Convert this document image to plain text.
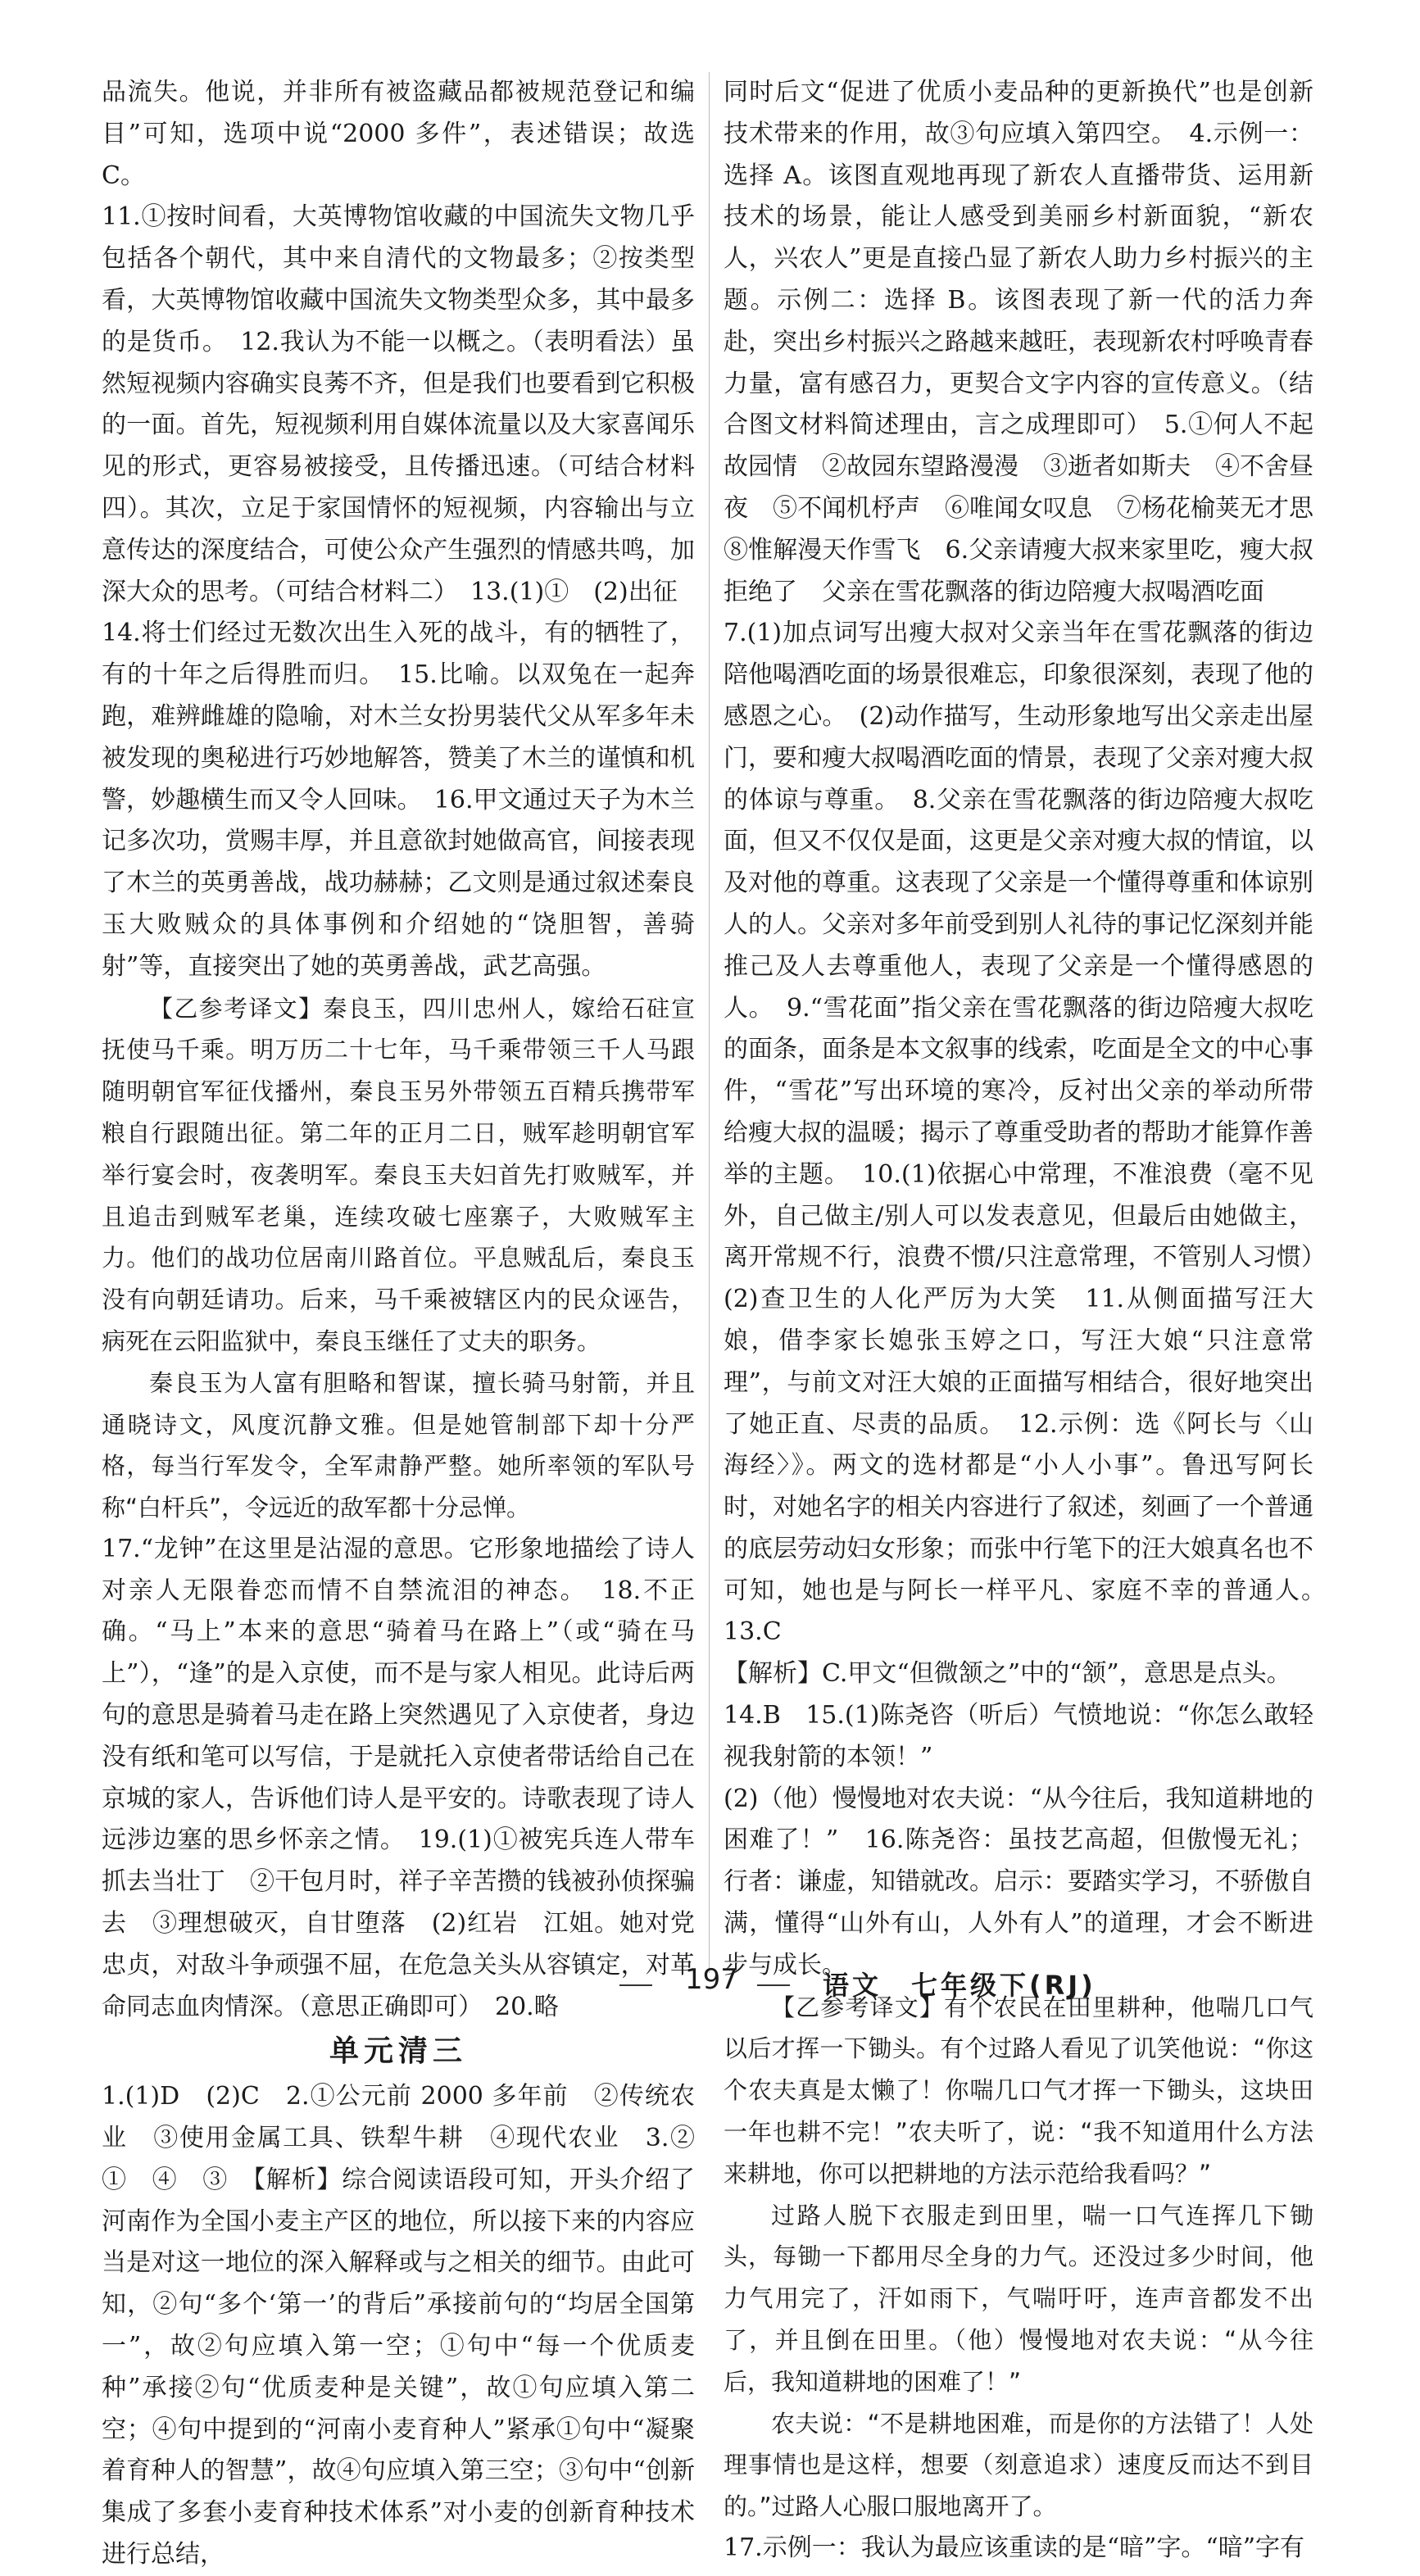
品流失。他说，并非所有被盗藏品都被规范登记和编目”可知，选项中说“2000 多件”，表述错误；故选 C。

11.①按时间看，大英博物馆收藏的中国流失文物几乎包括各个朝代，其中来自清代的文物最多；②按类型看，大英博物馆收藏中国流失文物类型众多，其中最多的是货币。　12.我认为不能一以概之。（表明看法）虽然短视频内容确实良莠不齐，但是我们也要看到它积极的一面。首先，短视频利用自媒体流量以及大家喜闻乐见的形式，更容易被接受，且传播迅速。（可结合材料四）。其次，立足于家国情怀的短视频，内容输出与立意传达的深度结合，可使公众产生强烈的情感共鸣，加深大众的思考。（可结合材料二）　13.(1)①　(2)出征

14.将士们经过无数次出生入死的战斗，有的牺牲了，有的十年之后得胜而归。　15.比喻。以双兔在一起奔跑，难辨雌雄的隐喻，对木兰女扮男装代父从军多年未被发现的奥秘进行巧妙地解答，赞美了木兰的谨慎和机警，妙趣横生而又令人回味。　16.甲文通过天子为木兰记多次功，赏赐丰厚，并且意欲封她做高官，间接表现了木兰的英勇善战，战功赫赫；乙文则是通过叙述秦良玉大败贼众的具体事例和介绍她的“饶胆智，善骑射”等，直接突出了她的英勇善战，武艺高强。

【乙参考译文】秦良玉，四川忠州人，嫁给石砫宣抚使马千乘。明万历二十七年，马千乘带领三千人马跟随明朝官军征伐播州，秦良玉另外带领五百精兵携带军粮自行跟随出征。第二年的正月二日，贼军趁明朝官军举行宴会时，夜袭明军。秦良玉夫妇首先打败贼军，并且追击到贼军老巢，连续攻破七座寨子，大败贼军主力。他们的战功位居南川路首位。平息贼乱后，秦良玉没有向朝廷请功。后来，马千乘被辖区内的民众诬告，病死在云阳监狱中，秦良玉继任了丈夫的职务。

秦良玉为人富有胆略和智谋，擅长骑马射箭，并且通晓诗文，风度沉静文雅。但是她管制部下却十分严格，每当行军发令，全军肃静严整。她所率领的军队号称“白杆兵”，令远近的敌军都十分忌惮。

17.“龙钟”在这里是沾湿的意思。它形象地描绘了诗人对亲人无限眷恋而情不自禁流泪的神态。　18.不正确。“马上”本来的意思“骑着马在路上”（或“骑在马上”），“逢”的是入京使，而不是与家人相见。此诗后两句的意思是骑着马走在路上突然遇见了入京使者，身边没有纸和笔可以写信，于是就托入京使者带话给自己在京城的家人，告诉他们诗人是平安的。诗歌表现了诗人远涉边塞的思乡怀亲之情。　19.(1)①被宪兵连人带车抓去当壮丁　②干包月时，祥子辛苦攒的钱被孙侦探骗去　③理想破灭，自甘堕落　(2)红岩　江姐。她对党忠贞，对敌斗争顽强不屈，在危急关头从容镇定，对革命同志血肉情深。（意思正确即可）　20.略

单元清三

1.(1)D　(2)C　2.①公元前 2000 多年前　②传统农业　③使用金属工具、铁犁牛耕　④现代农业　3.②　①　④　③　【解析】综合阅读语段可知，开头介绍了河南作为全国小麦主产区的地位，所以接下来的内容应当是对这一地位的深入解释或与之相关的细节。由此可知，②句“多个‘第一’的背后”承接前句的“均居全国第一”，故②句应填入第一空；①句中“每一个优质麦种”承接②句“优质麦种是关键”，故①句应填入第二空；④句中提到的“河南小麦育种人”紧承①句中“凝聚着育种人的智慧”，故④句应填入第三空；③句中“创新集成了多套小麦育种技术体系”对小麦的创新育种技术进行总结，

同时后文“促进了优质小麦品种的更新换代”也是创新技术带来的作用，故③句应填入第四空。　4.示例一：选择 A。该图直观地再现了新农人直播带货、运用新技术的场景，能让人感受到美丽乡村新面貌，“新农人，兴农人”更是直接凸显了新农人助力乡村振兴的主题。示例二：选择 B。该图表现了新一代的活力奔赴，突出乡村振兴之路越来越旺，表现新农村呼唤青春力量，富有感召力，更契合文字内容的宣传意义。（结合图文材料简述理由，言之成理即可）　5.①何人不起故园情　②故园东望路漫漫　③逝者如斯夫　④不舍昼夜　⑤不闻机杼声　⑥唯闻女叹息　⑦杨花榆荚无才思　⑧惟解漫天作雪飞　6.父亲请瘦大叔来家里吃，瘦大叔拒绝了　父亲在雪花飘落的街边陪瘦大叔喝酒吃面

7.(1)加点词写出瘦大叔对父亲当年在雪花飘落的街边陪他喝酒吃面的场景很难忘，印象很深刻，表现了他的感恩之心。　(2)动作描写，生动形象地写出父亲走出屋门，要和瘦大叔喝酒吃面的情景，表现了父亲对瘦大叔的体谅与尊重。　8.父亲在雪花飘落的街边陪瘦大叔吃面，但又不仅仅是面，这更是父亲对瘦大叔的情谊，以及对他的尊重。这表现了父亲是一个懂得尊重和体谅别人的人。父亲对多年前受到别人礼待的事记忆深刻并能推己及人去尊重他人，表现了父亲是一个懂得感恩的人。　9.“雪花面”指父亲在雪花飘落的街边陪瘦大叔吃的面条，面条是本文叙事的线索，吃面是全文的中心事件，“雪花”写出环境的寒冷，反衬出父亲的举动所带给瘦大叔的温暖；揭示了尊重受助者的帮助才能算作善举的主题。　10.(1)依据心中常理，不准浪费（毫不见外，自己做主/别人可以发表意见，但最后由她做主，离开常规不行，浪费不惯/只注意常理，不管别人习惯）　(2)查卫生的人化严厉为大笑　11.从侧面描写汪大娘，借李家长媳张玉婷之口，写汪大娘“只注意常理”，与前文对汪大娘的正面描写相结合，很好地突出了她正直、尽责的品质。　12.示例：选《阿长与〈山海经〉》。两文的选材都是“小人小事”。鲁迅写阿长时，对她名字的相关内容进行了叙述，刻画了一个普通的底层劳动妇女形象；而张中行笔下的汪大娘真名也不可知，她也是与阿长一样平凡、家庭不幸的普通人。　13.C

【解析】C.甲文“但微颔之”中的“颔”，意思是点头。

14.B　15.(1)陈尧咨（听后）气愤地说：“你怎么敢轻视我射箭的本领！”

(2)（他）慢慢地对农夫说：“从今往后，我知道耕地的困难了！”　16.陈尧咨：虽技艺高超，但傲慢无礼；行者：谦虚，知错就改。启示：要踏实学习，不骄傲自满，懂得“山外有山，人外有人”的道理，才会不断进步与成长。

【乙参考译文】有个农民在田里耕种，他喘几口气以后才挥一下锄头。有个过路人看见了讥笑他说：“你这个农夫真是太懒了！你喘几口气才挥一下锄头，这块田一年也耕不完！”农夫听了，说：“我不知道用什么方法来耕地，你可以把耕地的方法示范给我看吗？”

过路人脱下衣服走到田里，喘一口气连挥几下锄头，每锄一下都用尽全身的力气。还没过多少时间，他力气用完了，汗如雨下，气喘吁吁，连声音都发不出了，并且倒在田里。（他）慢慢地对农夫说：“从今往后，我知道耕地的困难了！”

农夫说：“不是耕地困难，而是你的方法错了！人处理事情也是这样，想要（刻意追求）速度反而达不到目的。”过路人心服口服地离开了。

17.示例一：我认为最应该重读的是“暗”字。“暗”字有

197	语文　七年级下(RJ)
